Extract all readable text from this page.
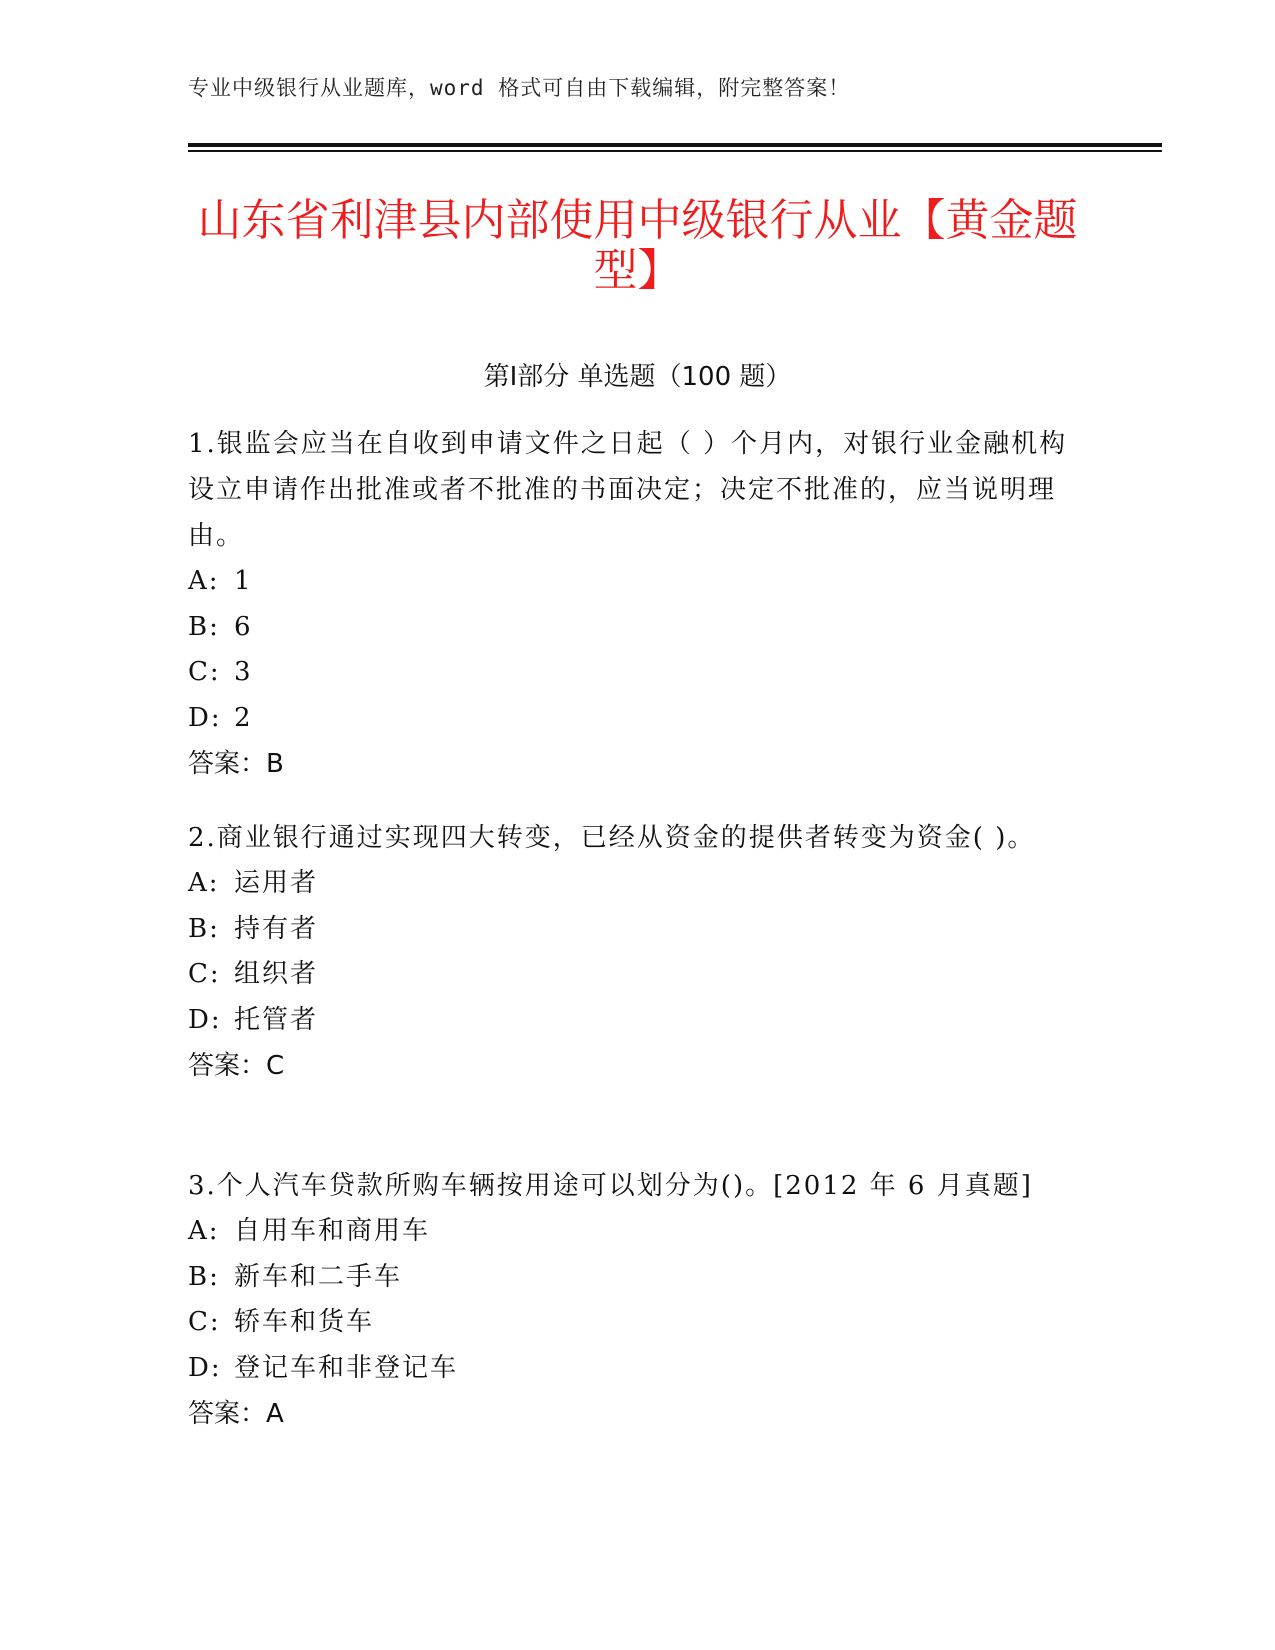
专业中级银行从业题库，word 格式可自由下载编辑，附完整答案！
山东省利津县内部使用中级银行从业【黄金题型】
第Ⅰ部分 单选题（100 题）

1.银监会应当在自收到申请文件之日起（ ）个月内，对银行业金融机构设立申请作出批准或者不批准的书面决定；决定不批准的，应当说明理由。

A: 1

B: 6

C: 3

D: 2

答案：B

2.商业银行通过实现四大转变，已经从资金的提供者转变为资金( )。

A: 运用者

B: 持有者

C: 组织者

D: 托管者

答案：C

3.个人汽车贷款所购车辆按用途可以划分为()。[2012 年 6 月真题]

A: 自用车和商用车

B: 新车和二手车

C: 轿车和货车

D: 登记车和非登记车

答案：A
